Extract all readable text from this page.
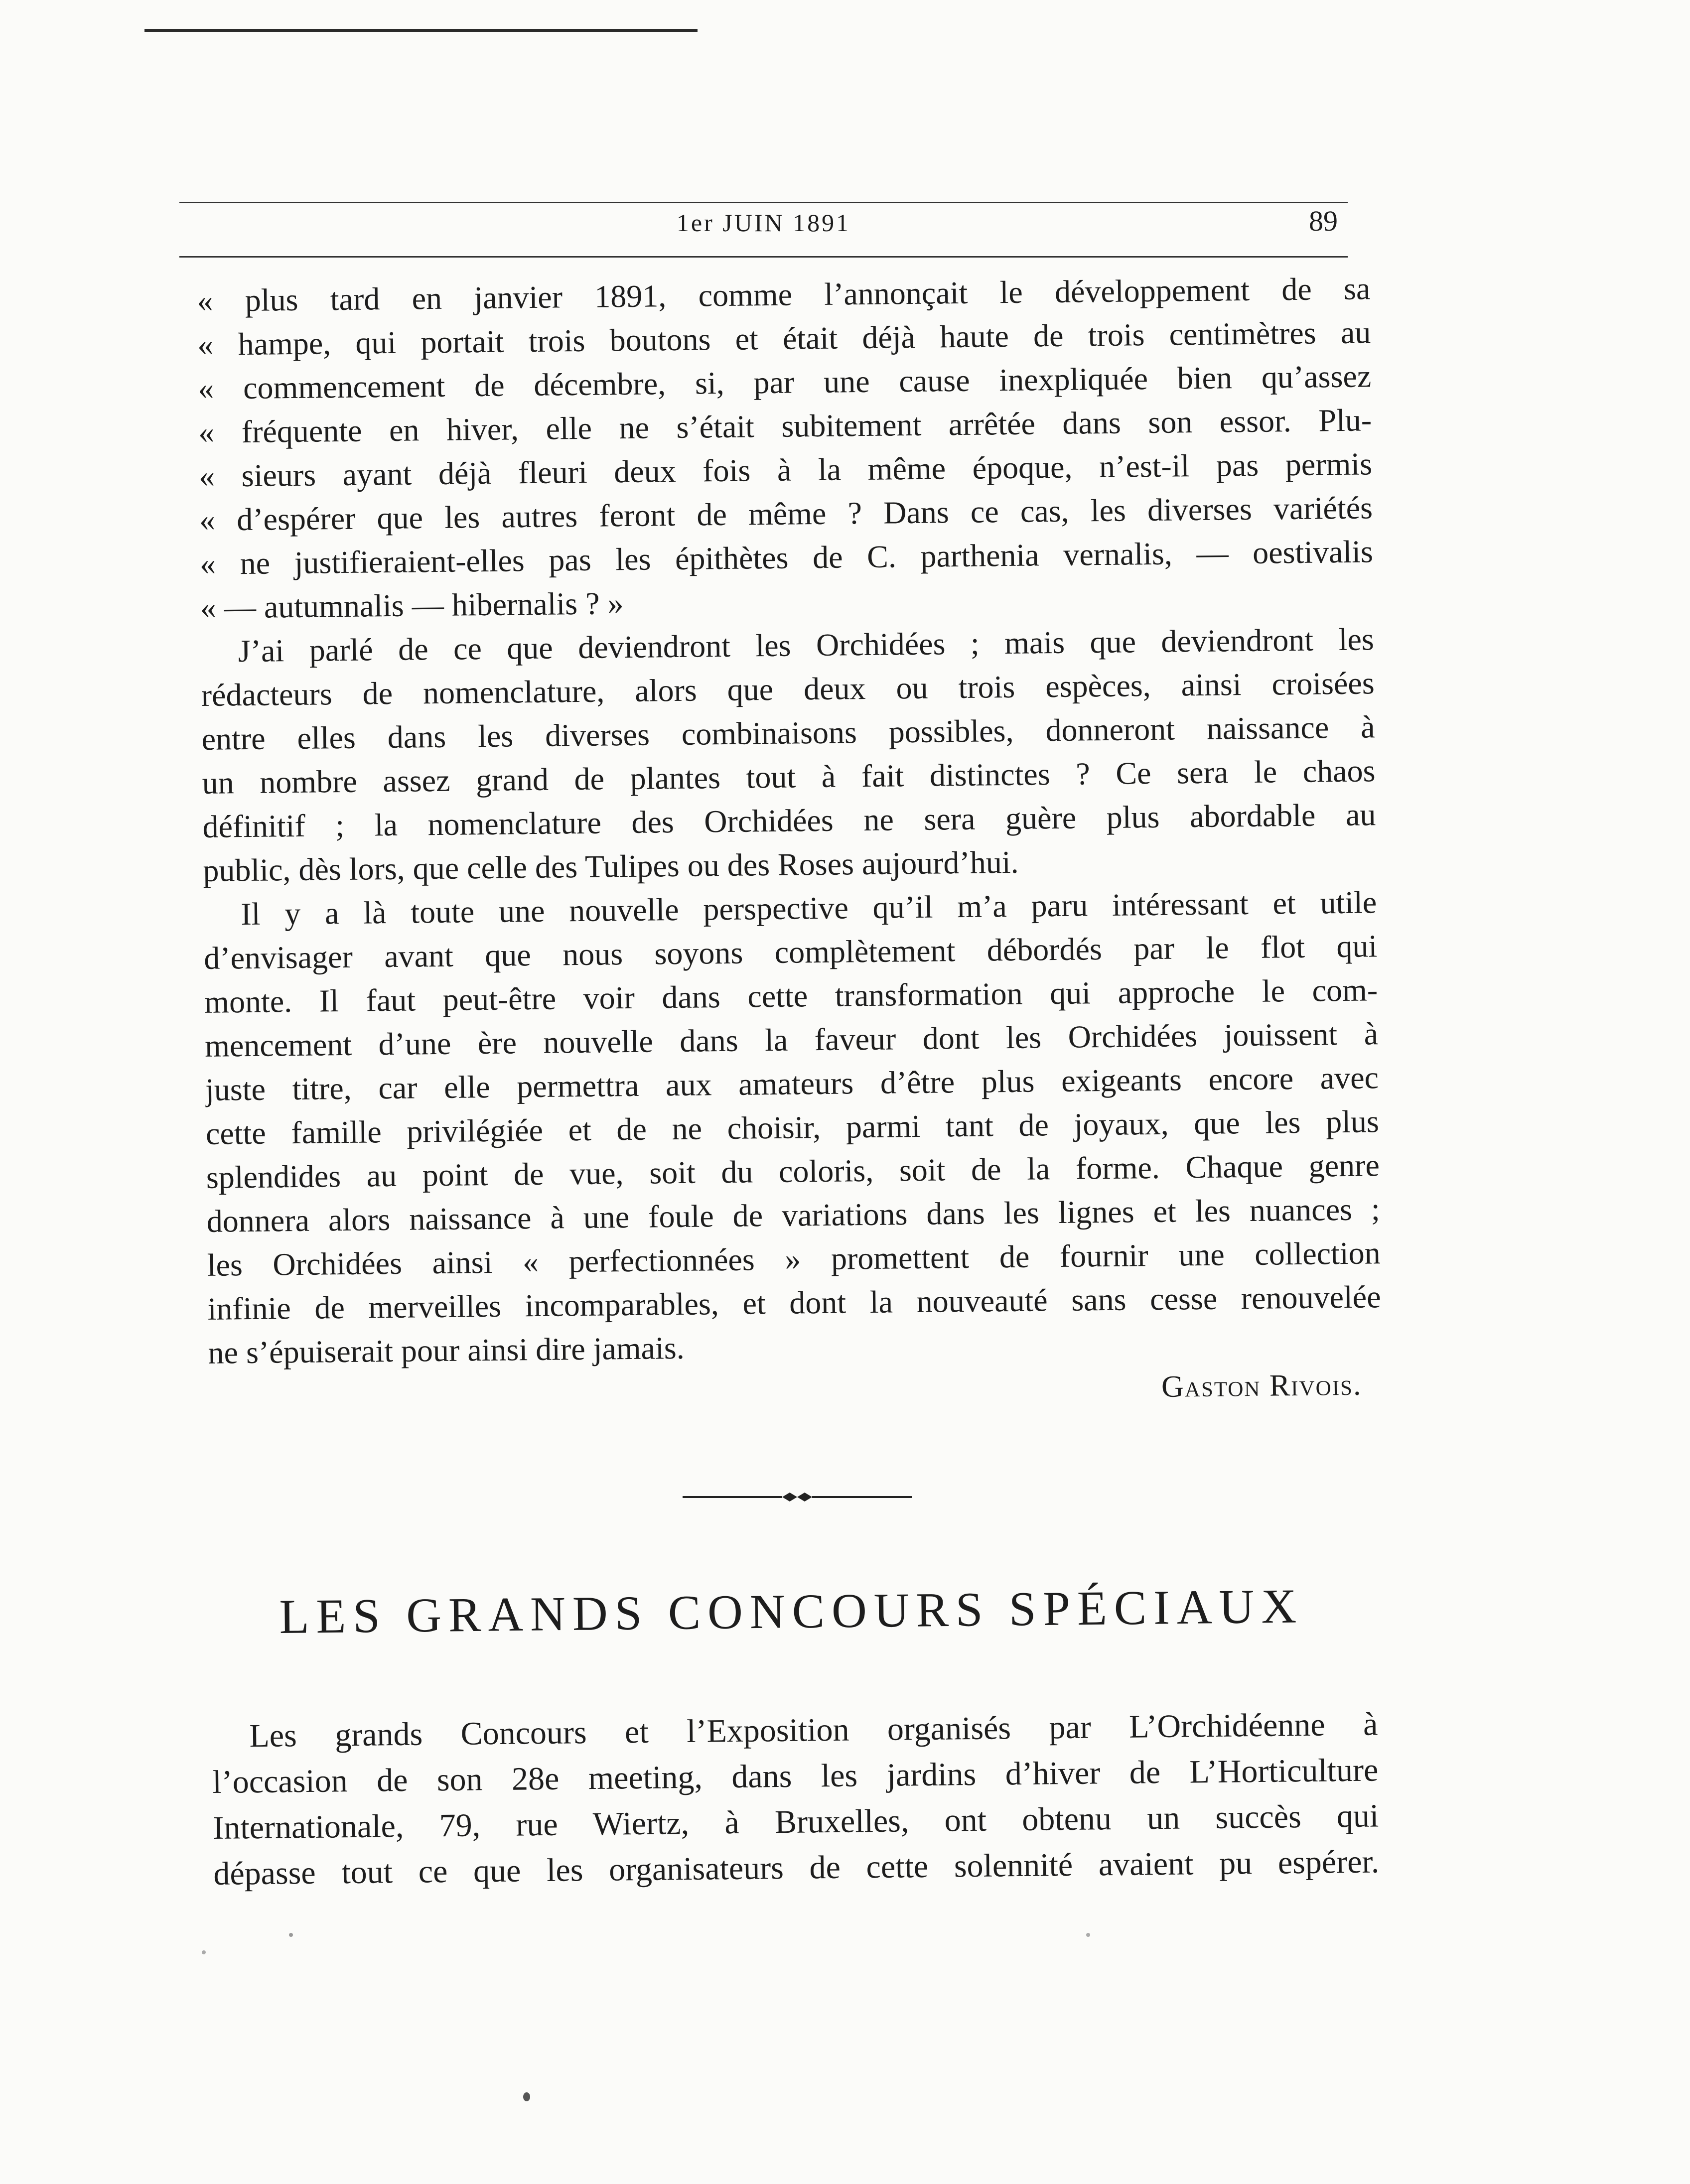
1er JUIN 1891	89
« plus tard en janvier 1891, comme l’annonçait le développement de sa
« hampe, qui portait trois boutons et était déjà haute de trois centimètres au
« commencement de décembre, si, par une cause inexpliquée bien qu’assez
« fréquente en hiver, elle ne s’était subitement arrêtée dans son essor. Plu-
« sieurs ayant déjà fleuri deux fois à la même époque, n’est-il pas permis
« d’espérer que les autres feront de même ? Dans ce cas, les diverses variétés
« ne justifieraient-elles pas les épithètes de C. parthenia vernalis, — oestivalis
« — autumnalis — hibernalis ? »
J’ai parlé de ce que deviendront les Orchidées ; mais que deviendront les
rédacteurs de nomenclature, alors que deux ou trois espèces, ainsi croisées
entre elles dans les diverses combinaisons possibles, donneront naissance à
un nombre assez grand de plantes tout à fait distinctes ? Ce sera le chaos
définitif ; la nomenclature des Orchidées ne sera guère plus abordable au
public, dès lors, que celle des Tulipes ou des Roses aujourd’hui.
Il y a là toute une nouvelle perspective qu’il m’a paru intéressant et utile
d’envisager avant que nous soyons complètement débordés par le flot qui
monte. Il faut peut-être voir dans cette transformation qui approche le com-
mencement d’une ère nouvelle dans la faveur dont les Orchidées jouissent à
juste titre, car elle permettra aux amateurs d’être plus exigeants encore avec
cette famille privilégiée et de ne choisir, parmi tant de joyaux, que les plus
splendides au point de vue, soit du coloris, soit de la forme. Chaque genre
donnera alors naissance à une foule de variations dans les lignes et les nuances ;
les Orchidées ainsi « perfectionnées » promettent de fournir une collection
infinie de merveilles incomparables, et dont la nouveauté sans cesse renouvelée
ne s’épuiserait pour ainsi dire jamais.
Gaston Rivois.
LES GRANDS CONCOURS SPÉCIAUX
Les grands Concours et l’Exposition organisés par L’Orchidéenne à
l’occasion de son 28e meeting, dans les jardins d’hiver de L’Horticulture
Internationale, 79, rue Wiertz, à Bruxelles, ont obtenu un succès qui
dépasse tout ce que les organisateurs de cette solennité avaient pu espérer.
